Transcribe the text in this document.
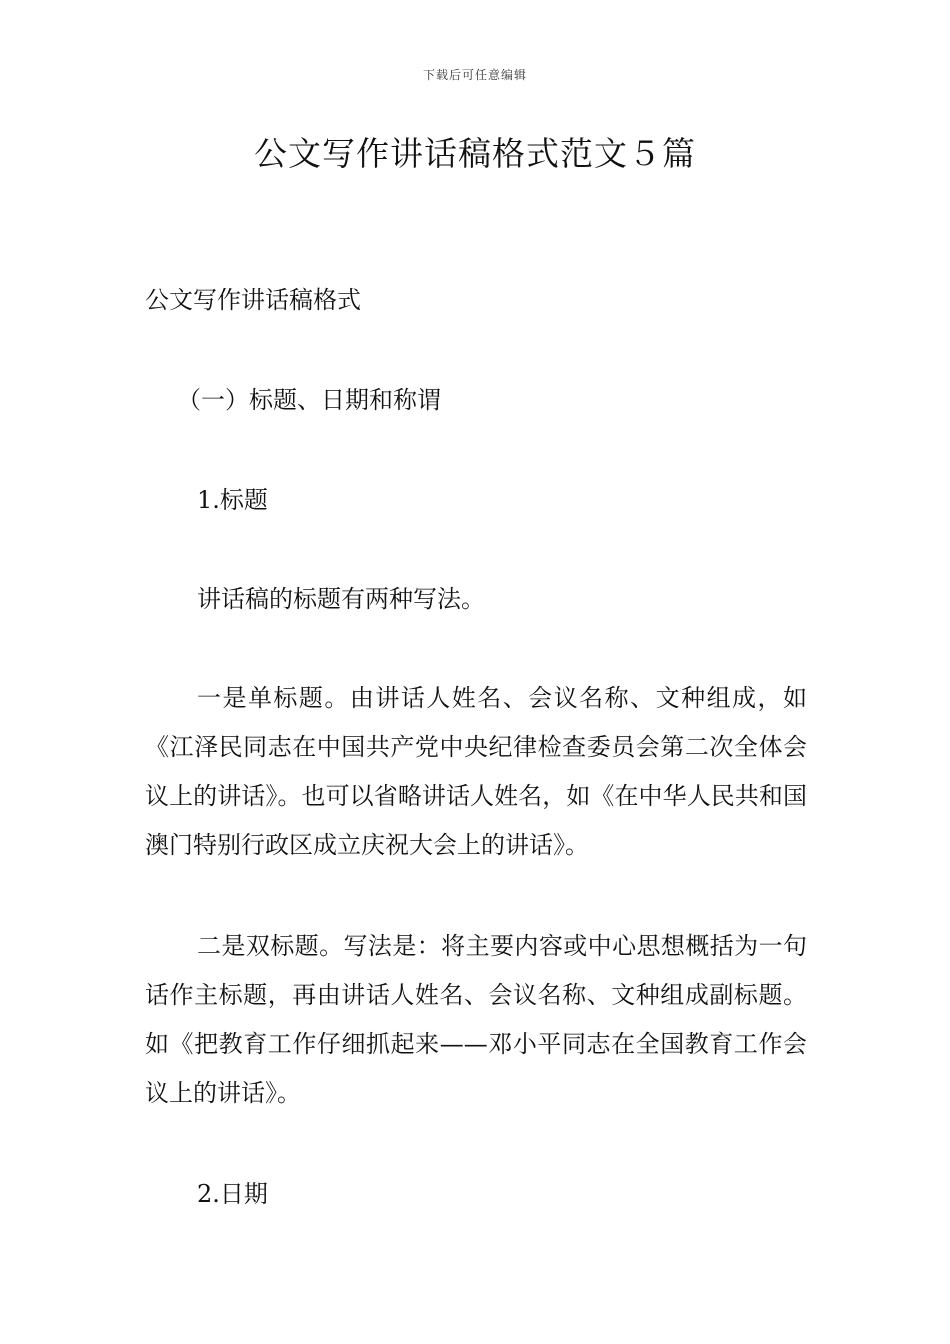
下载后可任意编辑
公文写作讲话稿格式范文５篇

公文写作讲话稿格式

（一）标题、日期和称谓

1.标题

讲话稿的标题有两种写法。

一是单标题。由讲话人姓名、会议名称、文种组成，如《江泽民同志在中国共产党中央纪律检查委员会第二次全体会议上的讲话》。也可以省略讲话人姓名，如《在中华人民共和国澳门特别行政区成立庆祝大会上的讲话》。

二是双标题。写法是：将主要内容或中心思想概括为一句话作主标题，再由讲话人姓名、会议名称、文种组成副标题。如《把教育工作仔细抓起来——邓小平同志在全国教育工作会议上的讲话》。

2.日期
